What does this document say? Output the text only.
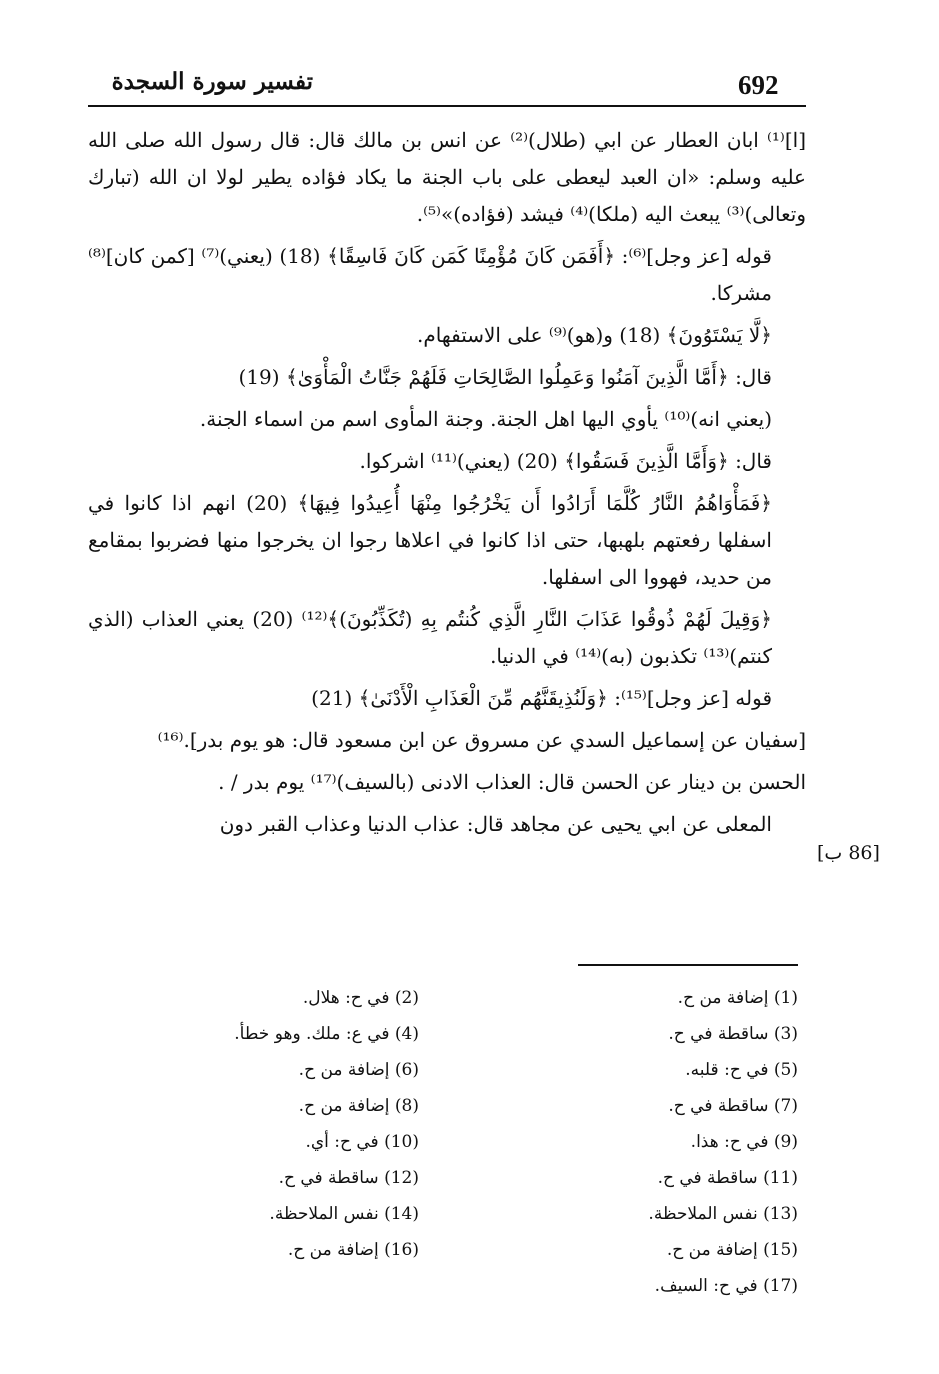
692
تفسير سورة السجدة

[ا]⁽¹⁾ ابان العطار عن ابي (طلال)⁽²⁾ عن انس بن مالك قال: قال رسول الله صلى الله عليه وسلم: «ان العبد ليعطى على باب الجنة ما يكاد فؤاده يطير لولا ان الله (تبارك وتعالى)⁽³⁾ يبعث اليه (ملكا)⁽⁴⁾ فيشد (فؤاده)»⁽⁵⁾.

قوله [عز وجل]⁽⁶⁾: ﴿أَفَمَن كَانَ مُؤْمِنًا كَمَن كَانَ فَاسِقًا﴾ (18) (يعني)⁽⁷⁾ [كمن كان]⁽⁸⁾ مشركا.

﴿لَّا يَسْتَوُونَ﴾ (18) و(هو)⁽⁹⁾ على الاستفهام.

قال: ﴿أَمَّا الَّذِينَ آمَنُوا وَعَمِلُوا الصَّالِحَاتِ فَلَهُمْ جَنَّاتُ الْمَأْوَىٰ﴾ (19)

(يعني انه)⁽¹⁰⁾ يأوي اليها اهل الجنة. وجنة المأوى اسم من اسماء الجنة.

قال: ﴿وَأَمَّا الَّذِينَ فَسَقُوا﴾ (20) (يعني)⁽¹¹⁾ اشركوا.

﴿فَمَأْوَاهُمُ النَّارُ كُلَّمَا أَرَادُوا أَن يَخْرُجُوا مِنْهَا أُعِيدُوا فِيهَا﴾ (20) انهم اذا كانوا في اسفلها رفعتهم بلهبها، حتى اذا كانوا في اعلاها رجوا ان يخرجوا منها فضربوا بمقامع من حديد، فهووا الى اسفلها.

﴿وَقِيلَ لَهُمْ ذُوقُوا عَذَابَ النَّارِ الَّذِي كُنتُم بِهِ (تُكَذِّبُونَ)﴾⁽¹²⁾ (20) يعني العذاب (الذي كنتم)⁽¹³⁾ تكذبون (به)⁽¹⁴⁾ في الدنيا.

قوله [عز وجل]⁽¹⁵⁾: ﴿وَلَنُذِيقَنَّهُم مِّنَ الْعَذَابِ الْأَدْنَىٰ﴾ (21)

[سفيان عن إسماعيل السدي عن مسروق عن ابن مسعود قال: هو يوم بدر].⁽¹⁶⁾

الحسن بن دينار عن الحسن قال: العذاب الادنى (بالسيف)⁽¹⁷⁾ يوم بدر / .

المعلى عن ابي يحيى عن مجاهد قال: عذاب الدنيا وعذاب القبر دون

[86 ب]
(1) إضافة من ح.
(2) في ح: هلال.
(3) ساقطة في ح.
(4) في ع: ملك. وهو خطأ.
(5) في ح: قلبه.
(6) إضافة من ح.
(7) ساقطة في ح.
(8) إضافة من ح.
(9) في ح: هذا.
(10) في ح: أي.
(11) ساقطة في ح.
(12) ساقطة في ح.
(13) نفس الملاحظة.
(14) نفس الملاحظة.
(15) إضافة من ح.
(16) إضافة من ح.
(17) في ح: السيف.
